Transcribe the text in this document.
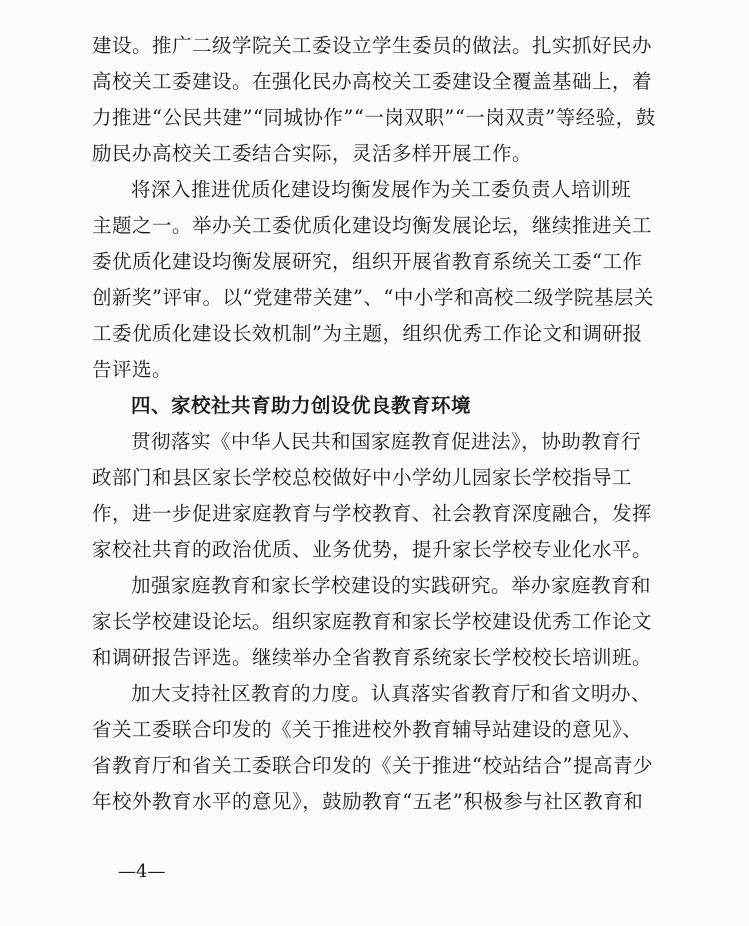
建设。推广二级学院关工委设立学生委员的做法。扎实抓好民办
高校关工委建设。在强化民办高校关工委建设全覆盖基础上，着
力推进“公民共建”“同城协作”“一岗双职”“一岗双责”等经验，鼓
励民办高校关工委结合实际，灵活多样开展工作。
将深入推进优质化建设均衡发展作为关工委负责人培训班
主题之一。举办关工委优质化建设均衡发展论坛，继续推进关工
委优质化建设均衡发展研究，组织开展省教育系统关工委“工作
创新奖”评审。以“党建带关建”、“中小学和高校二级学院基层关
工委优质化建设长效机制”为主题，组织优秀工作论文和调研报
告评选。
四、家校社共育助力创设优良教育环境
贯彻落实《中华人民共和国家庭教育促进法》，协助教育行
政部门和县区家长学校总校做好中小学幼儿园家长学校指导工
作，进一步促进家庭教育与学校教育、社会教育深度融合，发挥
家校社共育的政治优质、业务优势，提升家长学校专业化水平。
加强家庭教育和家长学校建设的实践研究。举办家庭教育和
家长学校建设论坛。组织家庭教育和家长学校建设优秀工作论文
和调研报告评选。继续举办全省教育系统家长学校校长培训班。
加大支持社区教育的力度。认真落实省教育厅和省文明办、
省关工委联合印发的《关于推进校外教育辅导站建设的意见》、
省教育厅和省关工委联合印发的《关于推进“校站结合”提高青少
年校外教育水平的意见》，鼓励教育“五老”积极参与社区教育和
—4—
